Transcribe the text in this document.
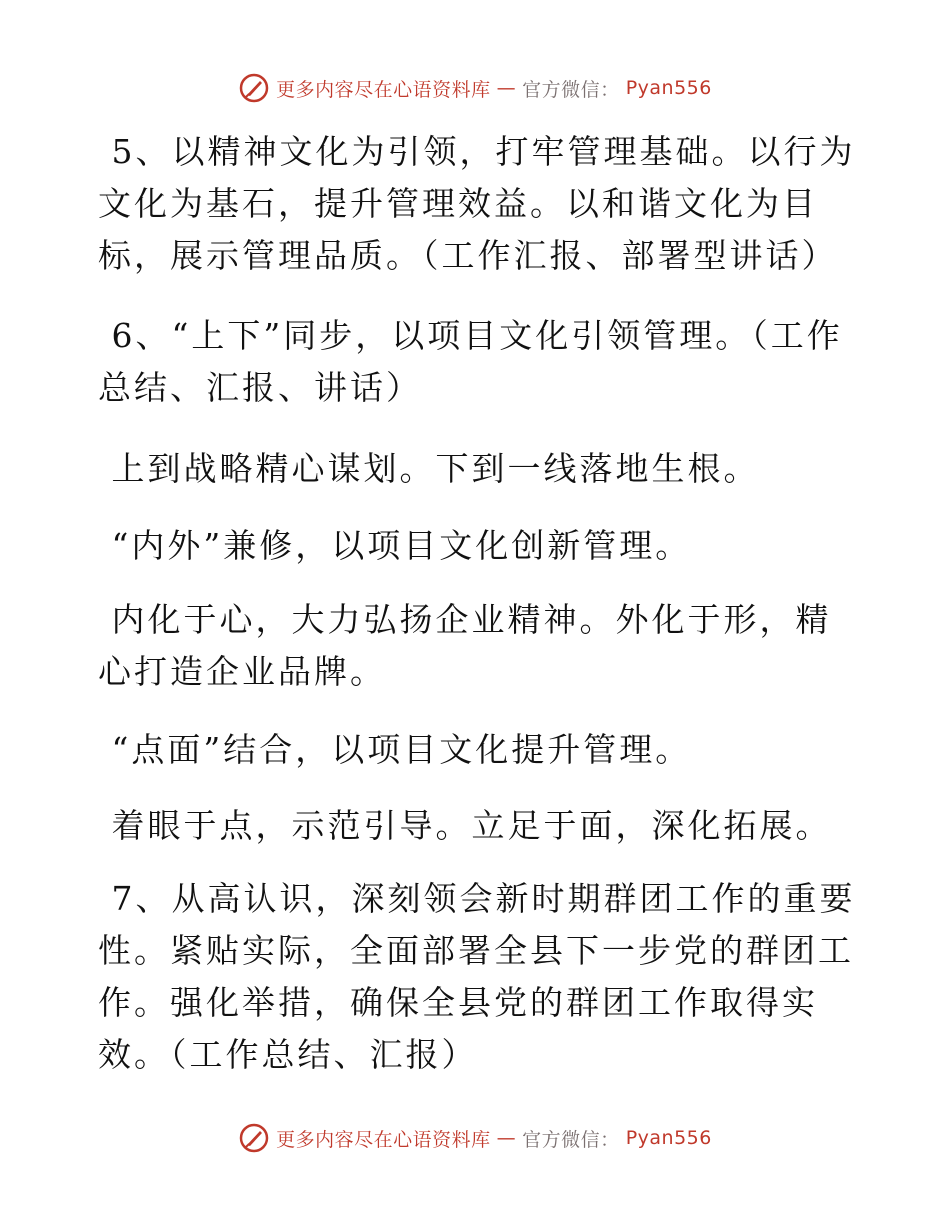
更多内容尽在心语资料库 — 官方微信： Pyan556

5、以精神文化为引领，打牢管理基础。以行为文化为基石，提升管理效益。以和谐文化为目标，展示管理品质。（工作汇报、部署型讲话）

6、“上下”同步，以项目文化引领管理。（工作总结、汇报、讲话）

上到战略精心谋划。下到一线落地生根。

“内外”兼修，以项目文化创新管理。

内化于心，大力弘扬企业精神。外化于形，精心打造企业品牌。

“点面”结合，以项目文化提升管理。

着眼于点，示范引导。立足于面，深化拓展。

7、从高认识，深刻领会新时期群团工作的重要性。紧贴实际，全面部署全县下一步党的群团工作。强化举措，确保全县党的群团工作取得实效。（工作总结、汇报）

更多内容尽在心语资料库 — 官方微信： Pyan556
